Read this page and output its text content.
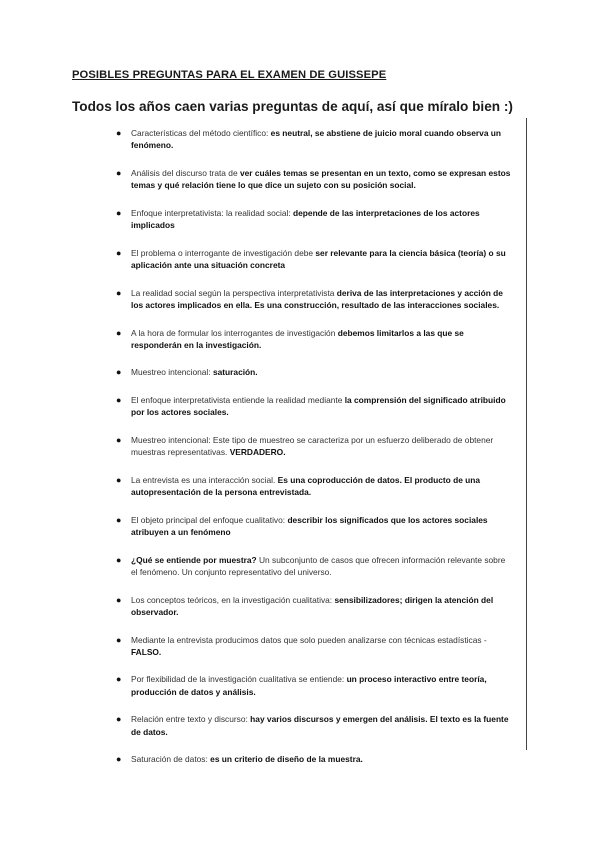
POSIBLES PREGUNTAS PARA EL EXAMEN DE GUISSEPE
Todos los años caen varias preguntas de aquí, así que míralo bien :)
● Características del método científico: es neutral, se abstiene de juicio moral cuando observa un fenómeno.
● Análisis del discurso trata de ver cuáles temas se presentan en un texto, como se expresan estos temas y qué relación tiene lo que dice un sujeto con su posición social.
● Enfoque interpretativista: la realidad social: depende de las interpretaciones de los actores implicados
● El problema o interrogante de investigación debe ser relevante para la ciencia básica (teoría) o su aplicación ante una situación concreta
● La realidad social según la perspectiva interpretativista deriva de las interpretaciones y acción de los actores implicados en ella. Es una construcción, resultado de las interacciones sociales.
● A la hora de formular los interrogantes de investigación debemos limitarlos a las que se responderán en la investigación.
● Muestreo intencional: saturación.
● El enfoque interpretativista entiende la realidad mediante la comprensión del significado atribuido por los actores sociales.
● Muestreo intencional: Este tipo de muestreo se caracteriza por un esfuerzo deliberado de obtener muestras representativas. VERDADERO.
● La entrevista es una interacción social. Es una coproducción de datos. El producto de una autopresentación de la persona entrevistada.
● El objeto principal del enfoque cualitativo: describir los significados que los actores sociales atribuyen a un fenómeno
● ¿Qué se entiende por muestra? Un subconjunto de casos que ofrecen información relevante sobre el fenómeno. Un conjunto representativo del universo.
● Los conceptos teóricos, en la investigación cualitativa: sensibilizadores; dirigen la atención del observador.
● Mediante la entrevista producimos datos que solo pueden analizarse con técnicas estadísticas - FALSO.
● Por flexibilidad de la investigación cualitativa se entiende: un proceso interactivo entre teoría, producción de datos y análisis.
● Relación entre texto y discurso: hay varios discursos y emergen del análisis. El texto es la fuente de datos.
● Saturación de datos: es un criterio de diseño de la muestra.
